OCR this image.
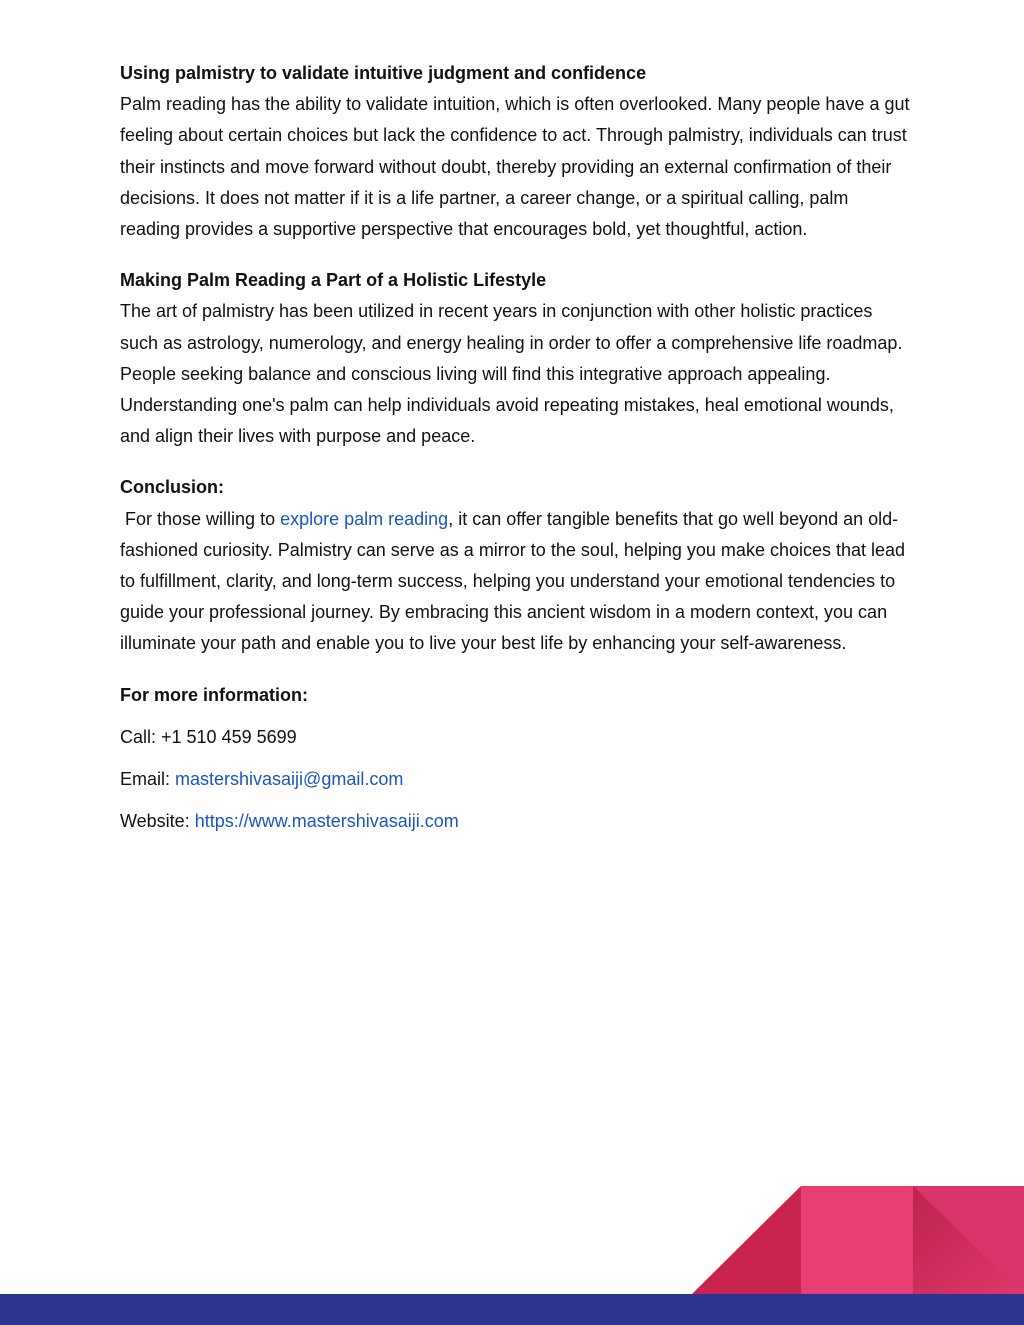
Using palmistry to validate intuitive judgment and confidence
Palm reading has the ability to validate intuition, which is often overlooked. Many people have a gut feeling about certain choices but lack the confidence to act. Through palmistry, individuals can trust their instincts and move forward without doubt, thereby providing an external confirmation of their decisions. It does not matter if it is a life partner, a career change, or a spiritual calling, palm reading provides a supportive perspective that encourages bold, yet thoughtful, action.
Making Palm Reading a Part of a Holistic Lifestyle
The art of palmistry has been utilized in recent years in conjunction with other holistic practices such as astrology, numerology, and energy healing in order to offer a comprehensive life roadmap. People seeking balance and conscious living will find this integrative approach appealing. Understanding one's palm can help individuals avoid repeating mistakes, heal emotional wounds, and align their lives with purpose and peace.
Conclusion:
For those willing to explore palm reading, it can offer tangible benefits that go well beyond an old-fashioned curiosity. Palmistry can serve as a mirror to the soul, helping you make choices that lead to fulfillment, clarity, and long-term success, helping you understand your emotional tendencies to guide your professional journey. By embracing this ancient wisdom in a modern context, you can illuminate your path and enable you to live your best life by enhancing your self-awareness.
For more information:
Call: +1 510 459 5699
Email: mastershivasaiji@gmail.com
Website: https://www.mastershivasaiji.com
